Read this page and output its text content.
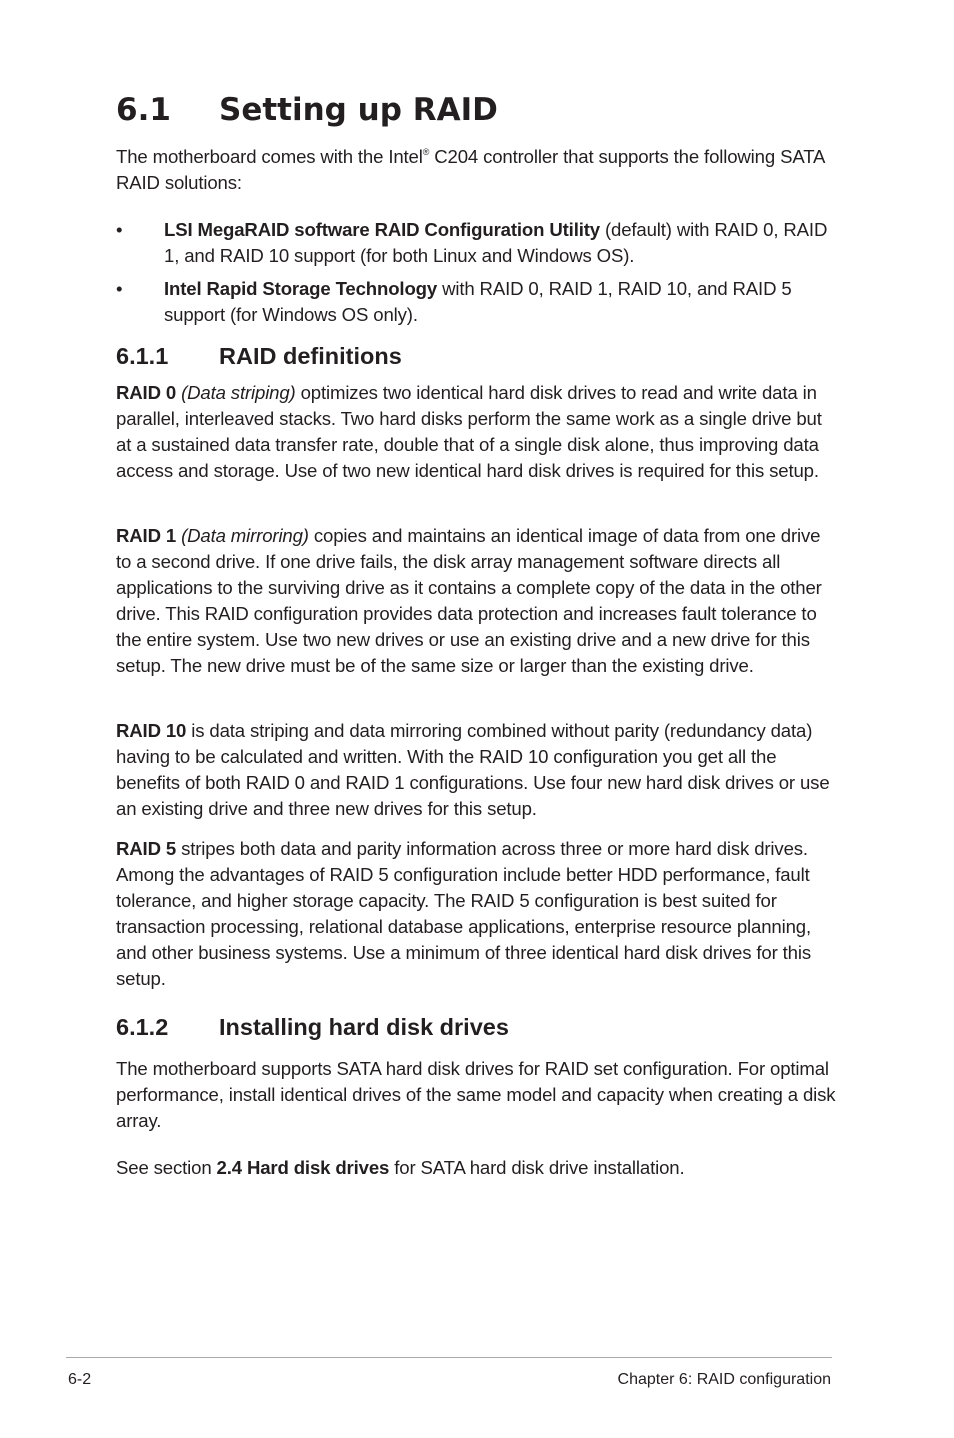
6.1 Setting up RAID

The motherboard comes with the Intel® C204 controller that supports the following SATA RAID solutions:

• LSI MegaRAID software RAID Configuration Utility (default) with RAID 0, RAID 1, and RAID 10 support (for both Linux and Windows OS).

• Intel Rapid Storage Technology with RAID 0, RAID 1, RAID 10, and RAID 5 support (for Windows OS only).

6.1.1 RAID definitions

RAID 0 (Data striping) optimizes two identical hard disk drives to read and write data in parallel, interleaved stacks. Two hard disks perform the same work as a single drive but at a sustained data transfer rate, double that of a single disk alone, thus improving data access and storage. Use of two new identical hard disk drives is required for this setup.

RAID 1 (Data mirroring) copies and maintains an identical image of data from one drive to a second drive. If one drive fails, the disk array management software directs all applications to the surviving drive as it contains a complete copy of the data in the other drive. This RAID configuration provides data protection and increases fault tolerance to the entire system. Use two new drives or use an existing drive and a new drive for this setup. The new drive must be of the same size or larger than the existing drive.

RAID 10 is data striping and data mirroring combined without parity (redundancy data) having to be calculated and written. With the RAID 10 configuration you get all the benefits of both RAID 0 and RAID 1 configurations. Use four new hard disk drives or use an existing drive and three new drives for this setup.

RAID 5 stripes both data and parity information across three or more hard disk drives. Among the advantages of RAID 5 configuration include better HDD performance, fault tolerance, and higher storage capacity. The RAID 5 configuration is best suited for transaction processing, relational database applications, enterprise resource planning, and other business systems. Use a minimum of three identical hard disk drives for this setup.

6.1.2 Installing hard disk drives

The motherboard supports SATA hard disk drives for RAID set configuration. For optimal performance, install identical drives of the same model and capacity when creating a disk array.

See section 2.4 Hard disk drives for SATA hard disk drive installation.

6-2	Chapter 6: RAID configuration
